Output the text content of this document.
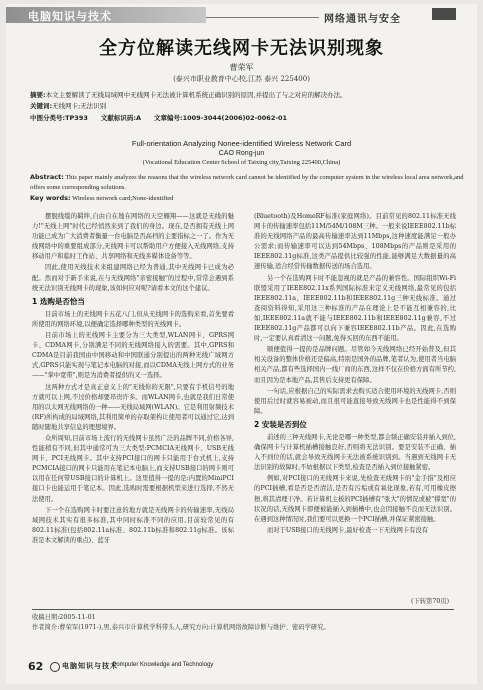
电脑知识与技术	网络通讯与安全
全方位解读无线网卡无法识别现象
曹荣军
(泰兴市职业教育中心校,江苏 泰兴 225400)
摘要:本文主要解读了无线局域网中无线网卡无法被计算机系统正确识别的原因,并提出了与之对应的解决办法。
关键词:无线网卡;无法识别
中图分类号:TP393　　文献标识码:A　　文章编号:1009-3044(2006)02-0062-01
Full-orientation Analyzing Nonee-identified Wireless Network Card
CAO Rong-jun
(Vocational Education Center School of Taixing city,Taixing 225400,China)
Abstract: This paper mainly analyzes the reasons that the wireless network card cannot be identified by the computer system in the wireless local area network,and offers some corresponding solutions.
Key words: Wireless network card;None-identified

摆脱线缆的羁绊,自由自在地在网络的天空翱翔——这就是无线的魅力!"无线上网"时代已经悄然来到了我们的身边。现在,是否拥有无线上网功能已成为广大消费者衡量一台电脑是否高档的主要指标之一了。作为无线网络中的重要组成部分,无线网卡可以帮助用户方便接入无线网络,支持移动用户和临时工作站、共享网络和无线多媒体设备等等。

因此,使用无线技术来组建网络已经为普通,其中无线网卡已成为必配。然而对于新手来说,在与无线网络"亲密接触"的过程中,常常会遇到系统无法识别无线网卡的现象,该如何应对呢?请看本文的这个建议。

1 选购是否恰当

目前市场上的无线网卡五花八门,但从无线网卡的选购来看,首先要看所使用的网络环境,以便确定选择哪种类型的无线网卡。

目前市场上的无线网卡主要分为三大类型,WLAN网卡、GPRS网卡、CDMA网卡,分别满足不同的无线网络接入的需要。其中,GPRS和CDMA是目前我国由中国移动和中国联通分别提出的两种无线广域网方式,GPRS只能实现与笔记本电脑的对接,而以CDMA无线上网方式的业务——"掌中宽带",则是为消费者提供的又一选择。

这两种方式才是真正意义上的"无线你的无限",只要有手机信号的地方就可以上网,不过价格却要昂贵许多。而WLAN网卡,也就是我们日常使用的以太网无线网络的一种——无线局域网(WLAN)。它是利用射频技术(RF)所构成的局域网络,其利用简单的存取架构让使用者可以通过它,达到随时随地共享信息的理想境界。

众所周知,目前市场上流行的无线网卡虽然广泛的品牌不同,价格各异,性能稍有不同,但其中通常可为三大类型:PCMCIA无线网卡、USB无线网卡、PCI无线网卡。其中支持PCI接口的网卡只能用于台式机上,支持PCMCIA接口的网卡只能用在笔记本电脑上,而支持USB接口的网卡则可以用在任何带USB接口的计算机上。这里值得一提的是:内置的MiniPCI接口卡也能运用于笔记本。因此,选购时需要根据机型来进行选择,不然无法使用。

下一个在选购网卡时要注意的地方就是无线网卡的传输速率,无线局域网技术其实有很多标准,其中同时标准不同的应用,目前较常见的有802.11标准(包括802.11a标准、802.11b标准和802.11g标准。该标准是本文解读的重点)、蓝牙

(Bluetooth)及HomeRF标准(家庭网络)。目前常见的802.11标准无线网卡的传输速率包括11M/54M/108M三种。一般来说IEEE802.11b标准的无线网络产品的最高传输速率达到11Mbps,这种速度能满足一般办公需求;而传输速率可以达到54Mbps、108Mbps的产品则是采用的IEEE802.11g标准,这类产品提供比较强的性能,能够满足大数据量的高速传输,适合经常传输数据传送的场合选用。

另一个在选购网卡时不能忽视的就是产品的兼容性。国际组织Wi-Fi联盟采用了IEEE802.11x系列国际标准来定义无线网络,最常见的包括IEEE802.11a、IEEE802.11b和IEEE802.11g三种无线标准。通过查阅资料得知,采用这三种标准的产品在理论上是不能互相兼容的,比如,IEEE802.11a就不能与IEEE802.11b和IEEE802.11g兼容,不过IEEE802.11g产品都可以向下兼容IEEE802.11b产品。因此,在选购时,一定要认真看清这一问题,免得买回的东西不能用。

顺便值得一提的是品牌问题。尽管如今无线网络已经开始普及,但其相关设备的整体价格还是偏高,特别是国外的品牌,笔者认为,使用者当电脑相关产品,都有些选择国内一线厂商的东西,这样不仅在价格方面有所节约,而且因为是本地产品,其售后支持更有保障。

一句话,应根据自己的实际需求去购买适合使用环境的无线网卡,否则使用后过时就容易被动,而且很可能直接导致无线网卡也是性能得不到保障。

2 安装是否到位

前述的三种无线网卡,无论是哪一种类型,都会频正确安装并插入到位,确保网卡与计算机插槽接触良好,否则将无法识别。要是安装不正确、插入不到位的话,就会导致无线网卡无法被系统识别到。当遇到无线网卡无法识别的故障时,不妨根据以下类型,检查是否插入到位接触紧密。

例如,对PCI接口的无线网卡来说,先检查无线网卡的"金手指"及相应的PCI插槽,看是否是否清洁,是否有污垢或有氧化现象,若有,可用橡皮擦擦,将其清理干净。若计算机主板的PCI插槽有"张大"的情况或被"撑宽"的状况的话,无线网卡即便被能插入到插槽中,也会因接触不良而无法识别。在遇到这种情况时,我们要可以更换一个PCI插槽,并保证紧密接触。

而对于USB接口的无线网卡,最好检查一下无线网卡有没有

(下转第70页)
收稿日期:2005-11-01
作者简介:曹荣军(1971-),男,泰兴市计算机学科带头人,研究方向:计算机网络故障诊断与维护、密码学研究。
62	电脑知识与技术
Computer Knowledge and Technology
